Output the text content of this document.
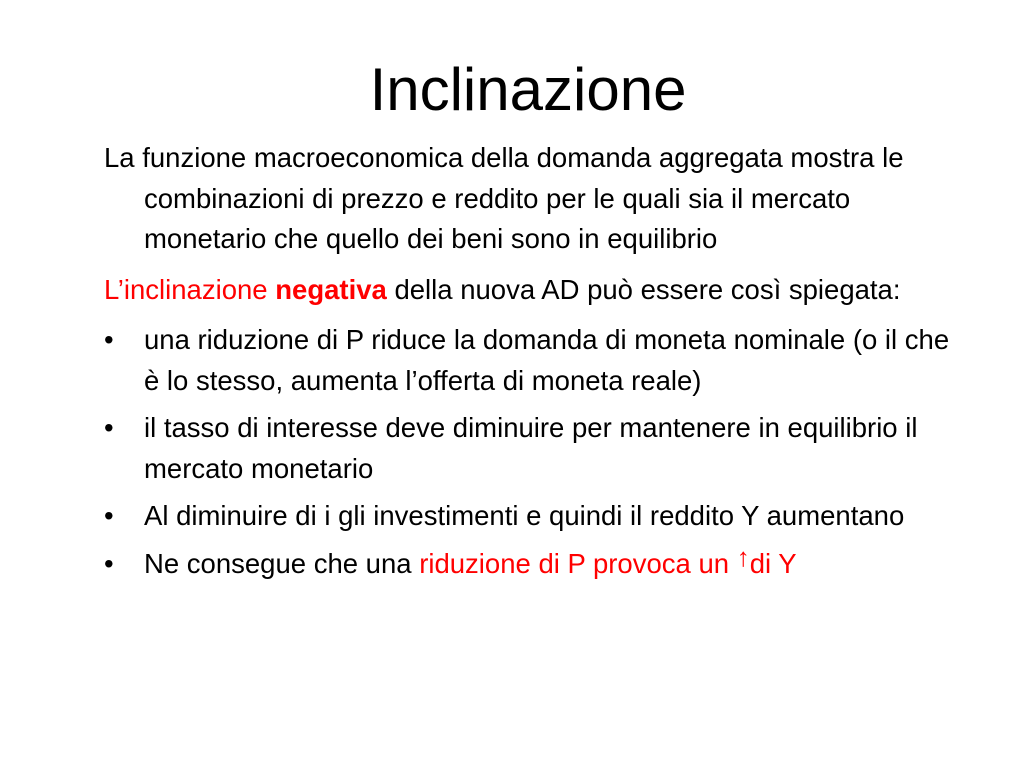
Inclinazione

La funzione macroeconomica della domanda aggregata mostra le combinazioni di prezzo e reddito per le quali sia il mercato monetario che quello dei beni sono in equilibrio

L’inclinazione negativa della nuova AD può essere così spiegata:

• una riduzione di P riduce la domanda di moneta nominale (o il che è lo stesso, aumenta l’offerta di moneta reale)
• il tasso di interesse deve diminuire per mantenere in equilibrio il mercato monetario
• Al diminuire di i gli investimenti e quindi il reddito Y aumentano
• Ne consegue che una riduzione di P provoca un ↑di Y
